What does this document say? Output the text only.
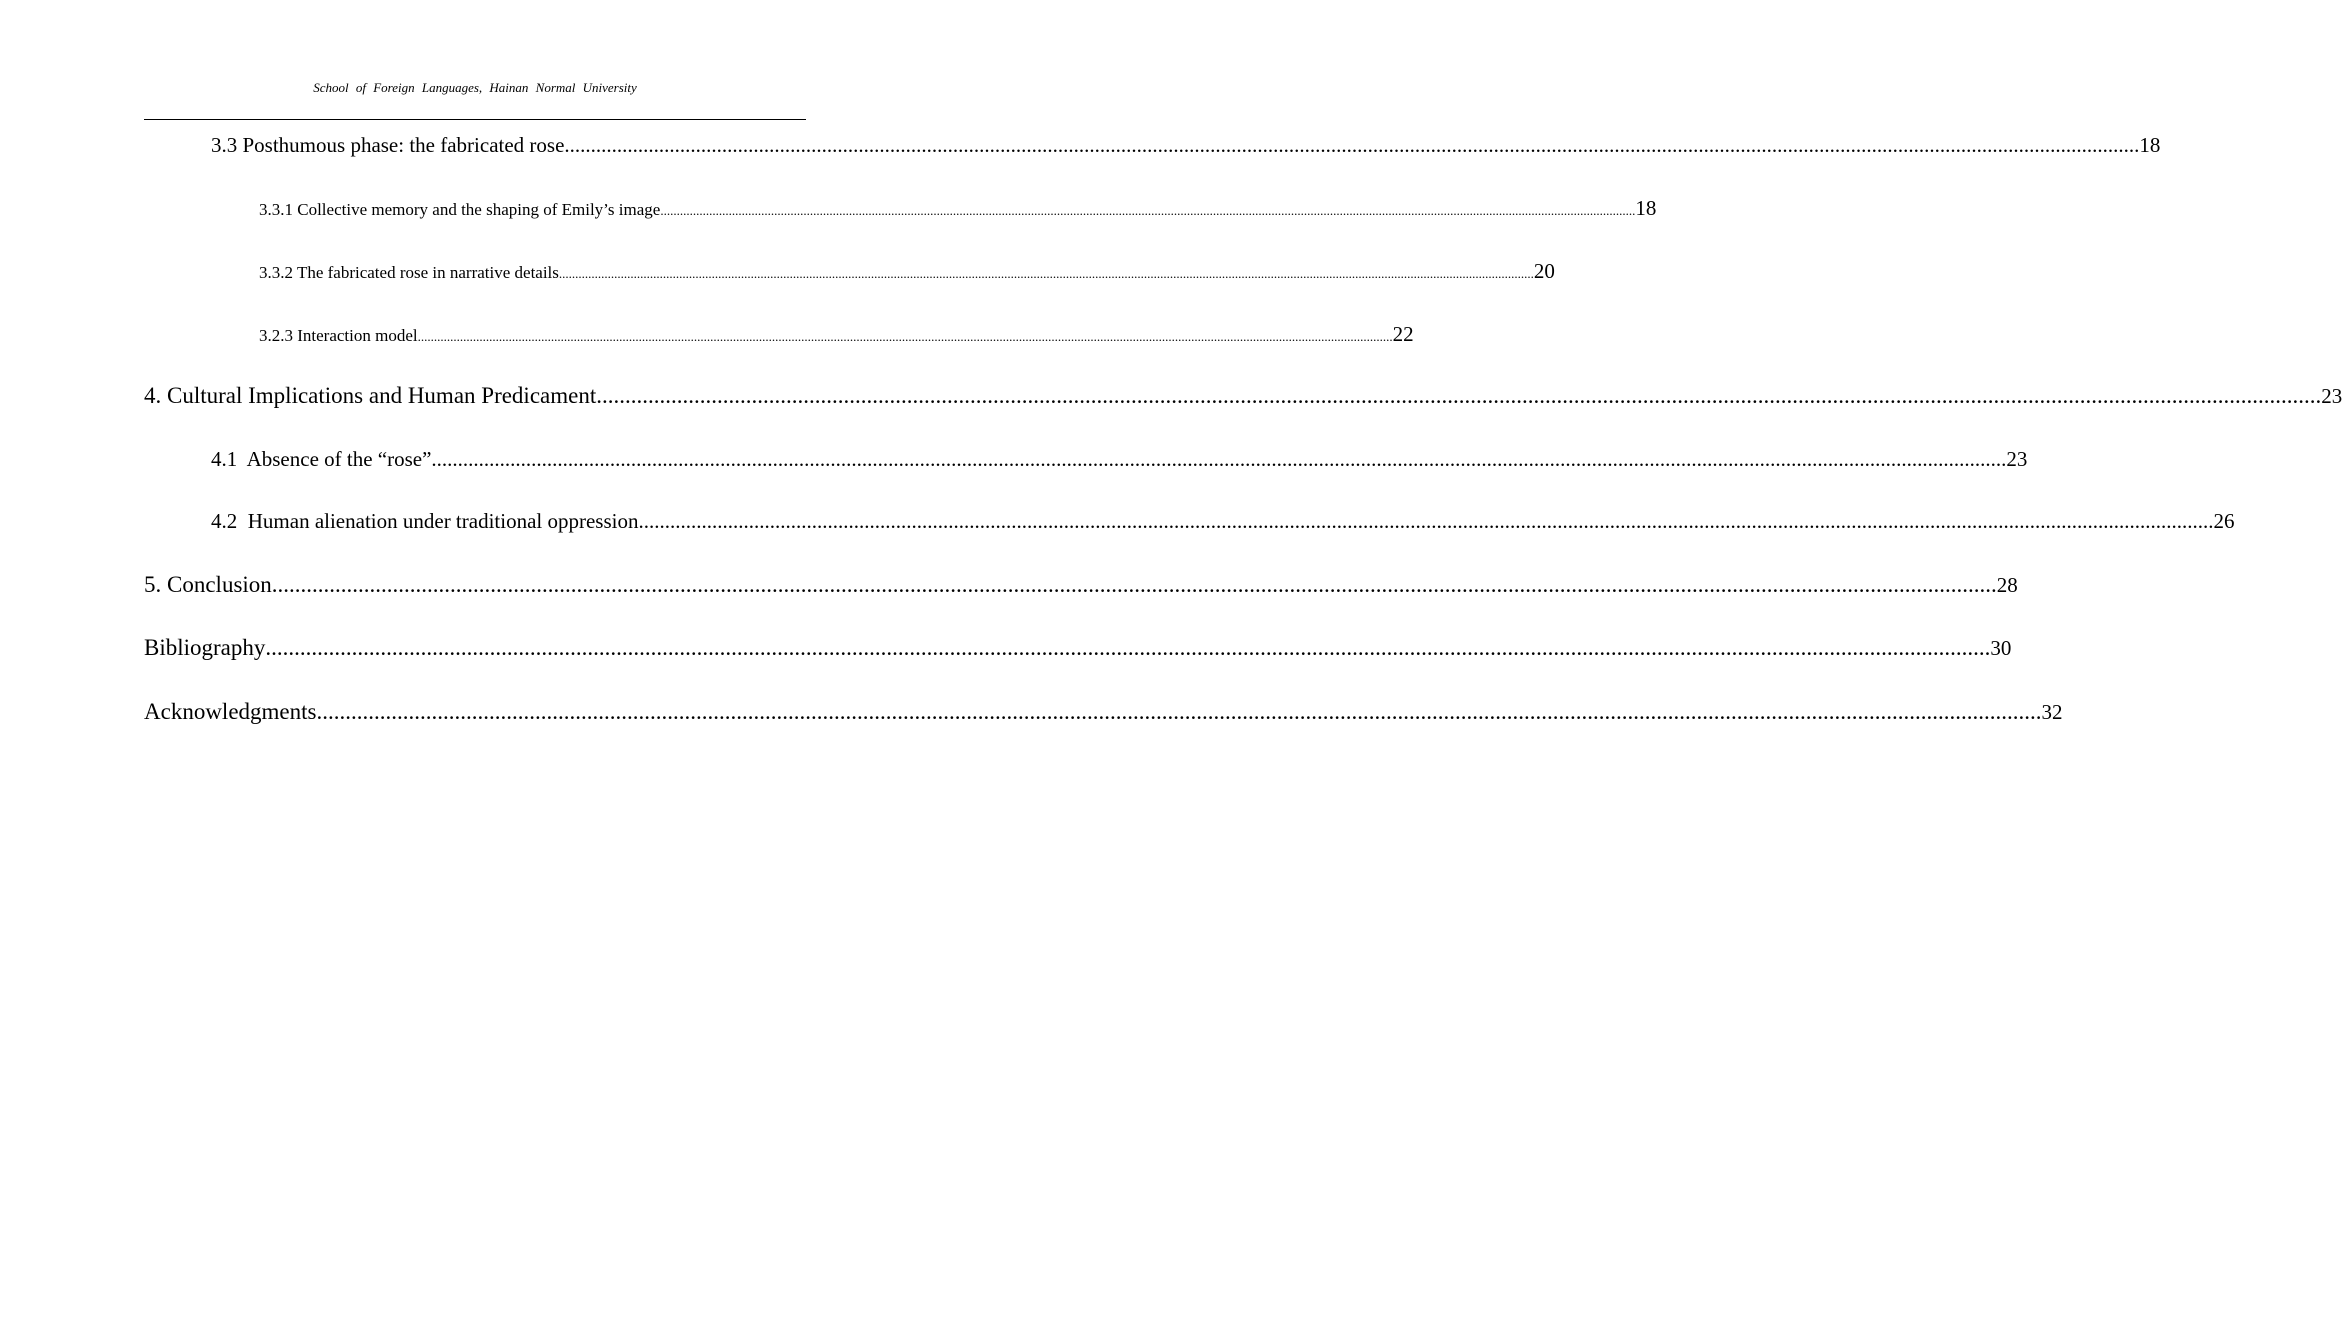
School of Foreign Languages, Hainan Normal University
3.3 Posthumous phase: the fabricated rose ............................................................................................................................................................................................................................................................................................................ 18
3.3.1 Collective memory and the shaping of Emily’s image ............................................................................................................................................................................................................................................................................................................ 18
3.3.2 The fabricated rose in narrative details ............................................................................................................................................................................................................................................................................................................ 20
3.2.3 Interaction model ............................................................................................................................................................................................................................................................................................................ 22
4. Cultural Implications and Human Predicament ............................................................................................................................................................................................................................................................................................................ 23
4.1  Absence of the “rose” ............................................................................................................................................................................................................................................................................................................ 23
4.2  Human alienation under traditional oppression ............................................................................................................................................................................................................................................................................................................ 26
5. Conclusion ............................................................................................................................................................................................................................................................................................................ 28
Bibliography ............................................................................................................................................................................................................................................................................................................ 30
Acknowledgments ............................................................................................................................................................................................................................................................................................................ 32
